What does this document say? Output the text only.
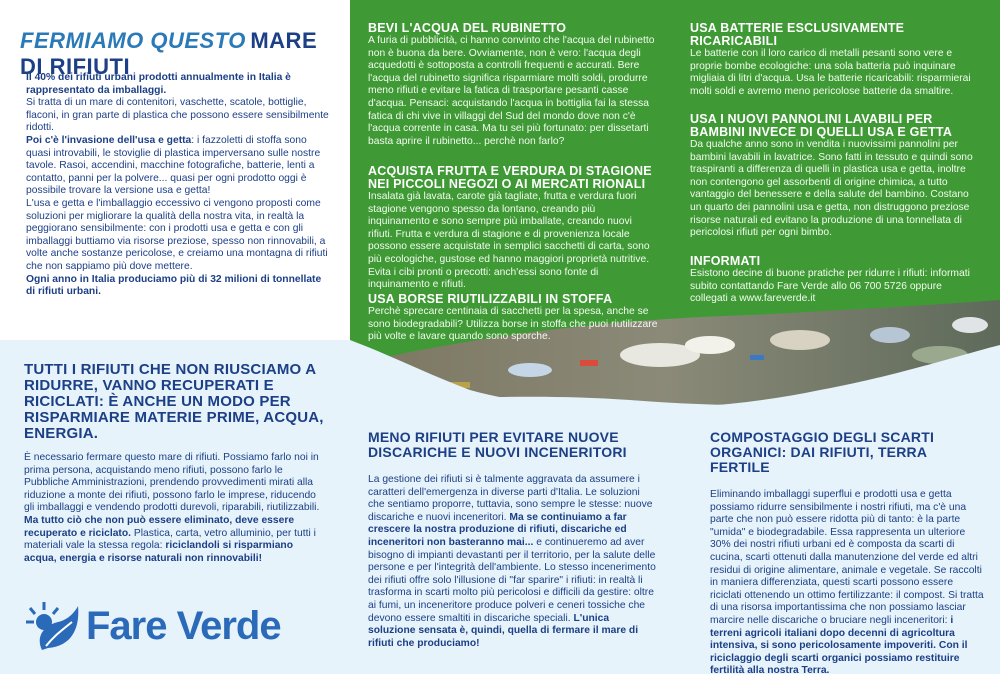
FERMIAMO QUESTO MARE DI RIFIUTI

Il 40% dei rifiuti urbani prodotti annualmente in Italia è rappresentato da imballaggi.

Si tratta di un mare di contenitori, vaschette, scatole, bottiglie, flaconi, in gran parte di plastica che possono essere sensibilmente ridotti.

Poi c'è l'invasione dell'usa e getta: i fazzoletti di stoffa sono quasi introvabili, le stoviglie di plastica imperversano sulle nostre tavole. Rasoi, accendini, macchine fotografiche, batterie, lenti a contatto, panni per la polvere... quasi per ogni prodotto oggi è possibile trovare la versione usa e getta!

L'usa e getta e l'imballaggio eccessivo ci vengono proposti come soluzioni per migliorare la qualità della nostra vita, in realtà la peggiorano sensibilmente: con i prodotti usa e getta e con gli imballaggi buttiamo via risorse preziose, spesso non rinnovabili, a volte anche sostanze pericolose, e creiamo una montagna di rifiuti che non sappiamo più dove mettere.

Ogni anno in Italia produciamo più di 32 milioni di tonnellate di rifiuti urbani.

BEVI L'ACQUA DEL RUBINETTO

A furia di pubblicità, ci hanno convinto che l'acqua del rubinetto non è buona da bere. Ovviamente, non è vero: l'acqua degli acquedotti è sottoposta a controlli frequenti e accurati. Bere l'acqua del rubinetto significa risparmiare molti soldi, produrre meno rifiuti e evitare la fatica di trasportare pesanti casse d'acqua. Pensaci: acquistando l'acqua in bottiglia fai la stessa fatica di chi vive in villaggi del Sud del mondo dove non c'è l'acqua corrente in casa. Ma tu sei più fortunato: per dissetarti basta aprire il rubinetto... perchè non farlo?

ACQUISTA FRUTTA E VERDURA DI STAGIONE NEI PICCOLI NEGOZI O AI MERCATI RIONALI

Insalata già lavata, carote già tagliate, frutta e verdura fuori stagione vengono spesso da lontano, creando più inquinamento e sono sempre più imballate, creando nuovi rifiuti. Frutta e verdura di stagione e di provenienza locale possono essere acquistate in semplici sacchetti di carta, sono più ecologiche, gustose ed hanno maggiori proprietà nutritive. Evita i cibi pronti o precotti: anch'essi sono fonte di inquinamento e rifiuti.

USA BORSE RIUTILIZZABILI IN STOFFA

Perchè sprecare centinaia di sacchetti per la spesa, anche se sono biodegradabili? Utilizza borse in stoffa che puoi riutilizzare più volte e lavare quando sono sporche.

USA BATTERIE ESCLUSIVAMENTE RICARICABILI

Le batterie con il loro carico di metalli pesanti sono vere e proprie bombe ecologiche: una sola batteria può inquinare migliaia di litri d'acqua. Usa le batterie ricaricabili: risparmierai molti soldi e avremo meno pericolose batterie da smaltire.

USA I NUOVI PANNOLINI LAVABILI PER BAMBINI INVECE DI QUELLI USA E GETTA

Da qualche anno sono in vendita i nuovissimi pannolini per bambini lavabili in lavatrice. Sono fatti in tessuto e quindi sono traspiranti a differenza di quelli in plastica usa e getta, inoltre non contengono gel assorbenti di origine chimica, a tutto vantaggio del benessere e della salute del bambino. Costano un quarto dei pannolini usa e getta, non distruggono preziose risorse naturali ed evitano la produzione di una tonnellata di pericolosi rifiuti per ogni bimbo.

INFORMATI

Esistono decine di buone pratiche per ridurre i rifiuti: informati subito contattando Fare Verde allo 06 700 5726 oppure collegati a www.fareverde.it

TUTTI I RIFIUTI CHE NON RIUSCIAMO A RIDURRE, VANNO RECUPERATI E RICICLATI: È ANCHE UN MODO PER RISPARMIARE MATERIE PRIME, ACQUA, ENERGIA.

È necessario fermare questo mare di rifiuti. Possiamo farlo noi in prima persona, acquistando meno rifiuti, possono farlo le Pubbliche Amministrazioni, prendendo provvedimenti mirati alla riduzione a monte dei rifiuti, possono farlo le imprese, riducendo gli imballaggi e vendendo prodotti durevoli, riparabili, riutilizzabili. Ma tutto ciò che non può essere eliminato, deve essere recuperato e riciclato. Plastica, carta, vetro alluminio, per tutti i materiali vale la stessa regola: riciclandoli si risparmiano acqua, energia e risorse naturali non rinnovabili!

Fare Verde
MENO RIFIUTI PER EVITARE NUOVE DISCARICHE E NUOVI INCENERITORI

La gestione dei rifiuti si è talmente aggravata da assumere i caratteri dell'emergenza in diverse parti d'Italia. Le soluzioni che sentiamo proporre, tuttavia, sono sempre le stesse: nuove discariche e nuovi inceneritori. Ma se continuiamo a far crescere la nostra produzione di rifiuti, discariche ed inceneritori non basteranno mai... e continueremo ad aver bisogno di impianti devastanti per il territorio, per la salute delle persone e per l'integrità dell'ambiente. Lo stesso incenerimento dei rifiuti offre solo l'illusione di "far sparire" i rifiuti: in realtà li trasforma in scarti molto più pericolosi e difficili da gestire: oltre ai fumi, un inceneritore produce polveri e ceneri tossiche che devono essere smaltiti in discariche speciali. L'unica soluzione sensata è, quindi, quella di fermare il mare di rifiuti che produciamo!

COMPOSTAGGIO DEGLI SCARTI ORGANICI: DAI RIFIUTI, TERRA FERTILE

Eliminando imballaggi superflui e prodotti usa e getta possiamo ridurre sensibilmente i nostri rifiuti, ma c'è una parte che non può essere ridotta più di tanto: è la parte "umida" e biodegradabile. Essa rappresenta un ulteriore 30% dei nostri rifiuti urbani ed è composta da scarti di cucina, scarti ottenuti dalla manutenzione del verde ed altri residui di origine alimentare, animale e vegetale. Se raccolti in maniera differenziata, questi scarti possono essere riciclati ottenendo un ottimo fertilizzante: il compost. Si tratta di una risorsa importantissima che non possiamo lasciar marcire nelle discariche o bruciare negli inceneritori: i terreni agricoli italiani dopo decenni di agricoltura intensiva, si sono pericolosamente impoveriti. Con il riciclaggio degli scarti organici possiamo restituire fertilità alla nostra Terra.
